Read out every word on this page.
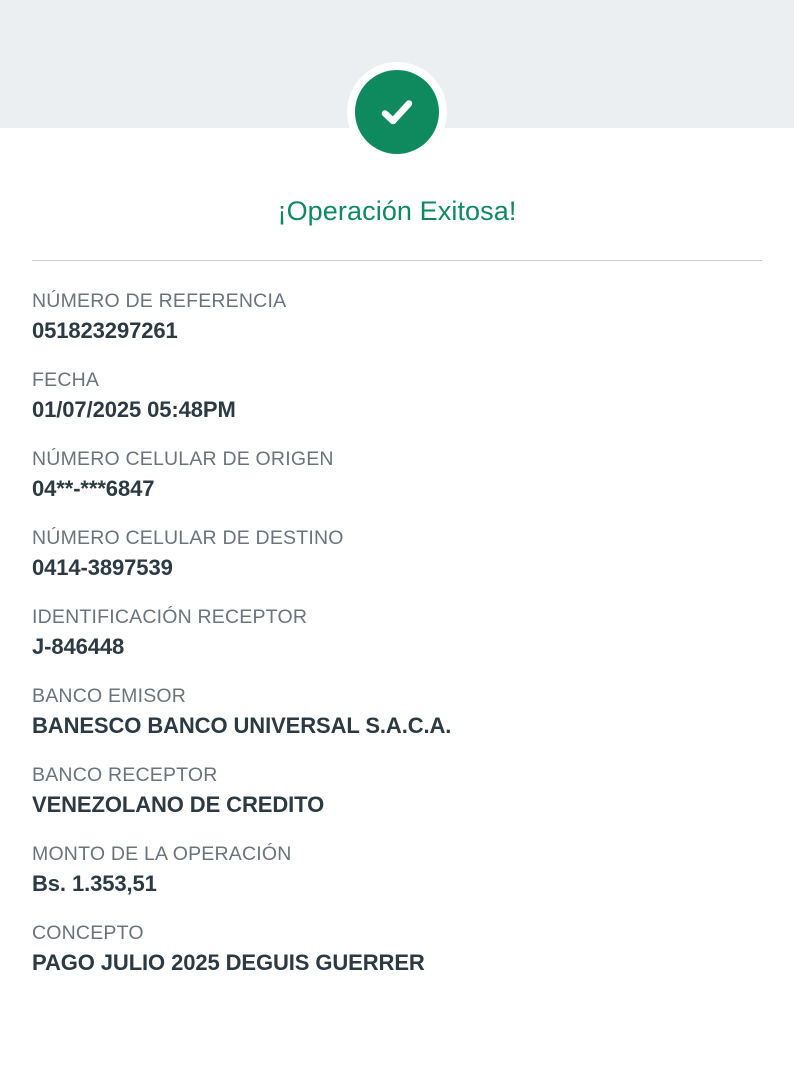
¡Operación Exitosa!
NÚMERO DE REFERENCIA
051823297261
FECHA
01/07/2025 05:48PM
NÚMERO CELULAR DE ORIGEN
04**-***6847
NÚMERO CELULAR DE DESTINO
0414-3897539
IDENTIFICACIÓN RECEPTOR
J-846448
BANCO EMISOR
BANESCO BANCO UNIVERSAL S.A.C.A.
BANCO RECEPTOR
VENEZOLANO DE CREDITO
MONTO DE LA OPERACIÓN
Bs. 1.353,51
CONCEPTO
PAGO JULIO 2025 DEGUIS GUERRER
